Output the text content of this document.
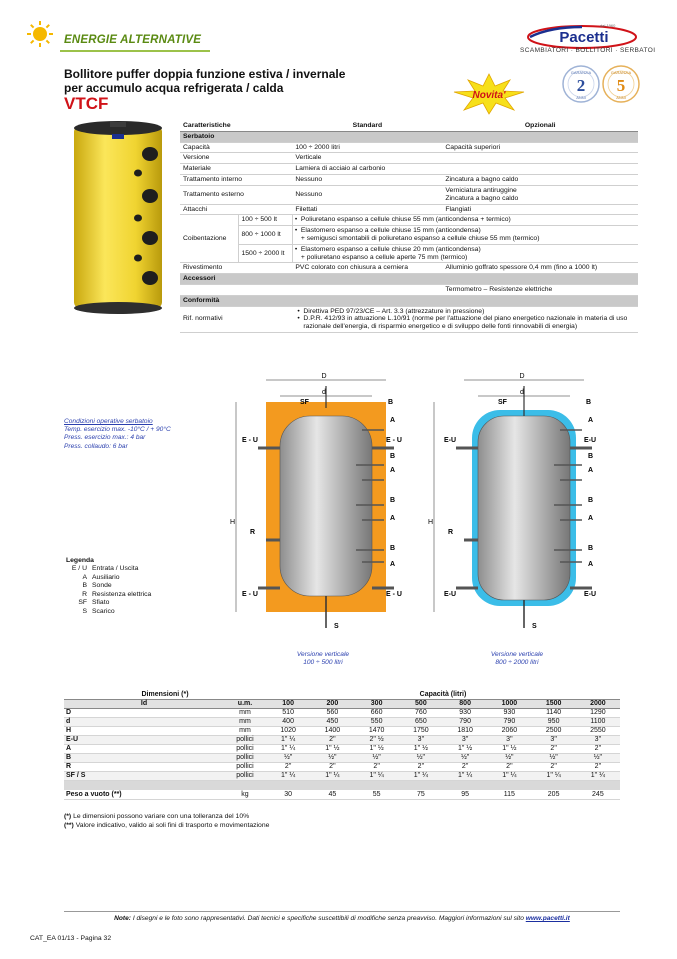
ENERGIE ALTERNATIVE	Pacetti
dal 1960
SCAMBIATORI · BOLLITORI · SERBATOI
Bollitore puffer doppia funzione estiva / invernale
per accumulo acqua refrigerata / calda
VTCF	Novita'
GARANZIA
2
ANNI
GARANZIA
5
ANNI
Caratteristiche		Standard	Opzionali
Serbatoio			
Capacità		100 ÷ 2000 litri	Capacità superiori
Versione		Verticale	
Materiale		Lamiera di acciaio al carbonio	
Trattamento interno		Nessuno	Zincatura a bagno caldo
Trattamento esterno		Nessuno	Verniciatura antiruggine
Zincatura a bagno caldo

Attacchi		Filettati	Flangiati
Coibentazione	100 ÷ 500 lt	• Poliuretano espanso a cellule chiuse 55 mm (anticondensa + termico)
	800 ÷ 1000 lt	• Elastomero espanso a cellule chiuse 15 mm (anticondensa)
+ semigusci smontabili di poliuretano espanso a cellule chiuse 55 mm (termico)

	1500 ÷ 2000 lt	• Elastomero espanso a cellule chiuse 20 mm (anticondensa)
+ poliuretano espanso a cellule aperte 75 mm (termico)

Rivestimento		PVC colorato con chiusura a cerniera	Alluminio goffrato spessore 0,4 mm (fino a 1000 lt)
Accessori			
			Termometro – Resistenze elettriche
Conformità			
Rif. normativi		• Direttiva PED 97/23/CE – Art. 3.3 (attrezzature in pressione)
• D.P.R. 412/93 in attuazione L.10/91 (norme per l'attuazione del piano energetico nazionale in materia di uso razionale dell'energia, di risparmio energetico e di sviluppo delle fonti rinnovabili di energia)
Condizioni operative serbatoio
Temp. esercizio max. -10°C / + 90°C
Press. esercizio max.: 4 bar
Press. collaudo: 6 bar
Legenda
E / U Entrata / Uscita
A Ausiliario
B Sonde
R Resistenza elettrica
SF Sfiato
S Scarico
D
d
SF
H
E - U
E - U
R
B
A
E - U
B
A
B
A
B
A
E - U
S
D
d
SF
H
E-U
E-U
R
B
A
E-U
B
A
B
A
B
A
E-U
S
Versione verticale
100 ÷ 500 litri
Versione verticale
800 ÷ 2000 litri
Dimensioni (*)		Capacità (litri)							
Id	u.m.	100	200	300	500	800	1000	1500	2000
D	mm	510	560	660	760	930	930	1140	1290
d	mm	400	450	550	650	790	790	950	1100
H	mm	1020	1400	1470	1750	1810	2060	2500	2550
E-U	pollici	1" ¼	2"	2" ½	3"	3"	3"	3"	3"
A	pollici	1" ¼	1" ½	1" ½	1" ½	1" ½	1" ½	2"	2"
B	pollici	½"	½"	½"	½"	½"	½"	½"	½"
R	pollici	2"	2"	2"	2"	2"	2"	2"	2"
SF / S	pollici	1" ¼	1" ¼	1" ¼	1" ¼	1" ¼	1" ¼	1" ¼	1" ¼

Peso a vuoto (**)	kg	30	45	55	75	95	115	205	245
(*) Le dimensioni possono variare con una tolleranza del 10%
(**) Valore indicativo, valido ai soli fini di trasporto e movimentazione
Note: I disegni e le foto sono rappresentativi. Dati tecnici e specifiche suscettibili di modifiche senza preavviso. Maggiori informazioni sul sito www.pacetti.it
CAT_EA 01/13 - Pagina 32
